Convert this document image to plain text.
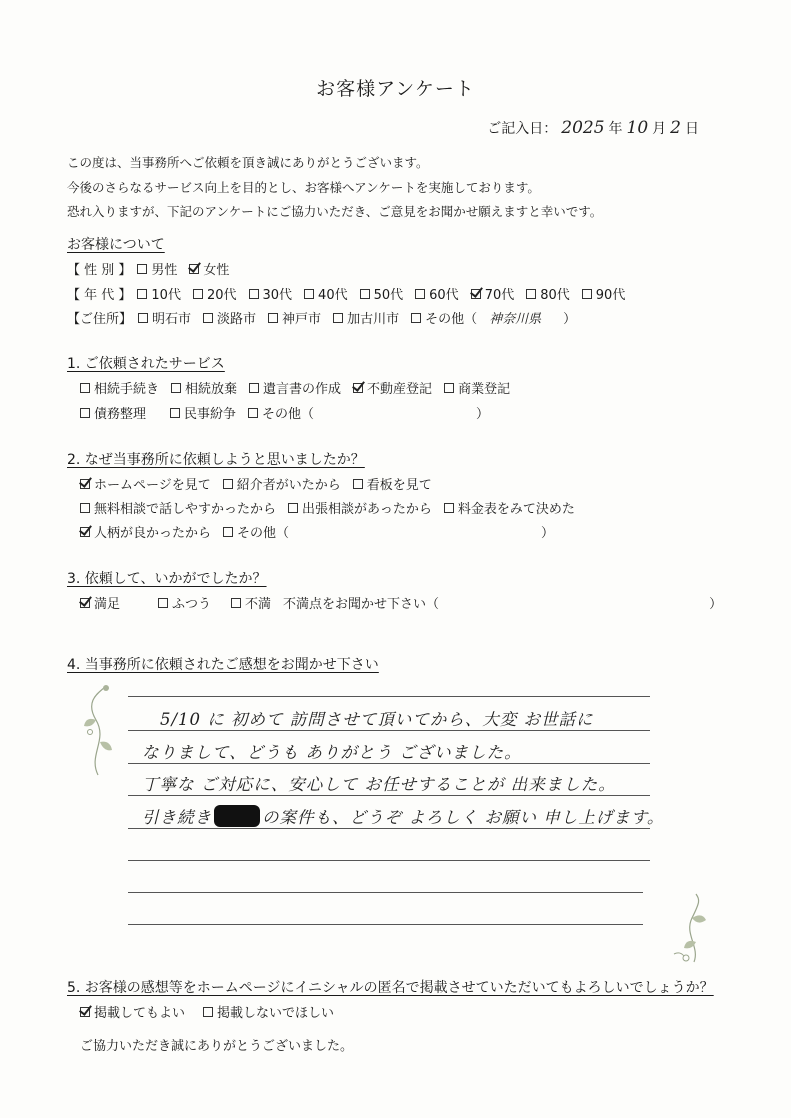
お客様アンケート
ご記入日： 2025 年 10 月 2 日
この度は、当事務所へご依頼を頂き誠にありがとうございます。
今後のさらなるサービス向上を目的とし、お客様へアンケートを実施しております。
恐れ入りますが、下記のアンケートにご協力いただき、ご意見をお聞かせ願えますと幸いです。
お客様について
【 性 別 】 男性 女性
【 年 代 】 10代 20代 30代 40代 50代 60代 70代 80代 90代
【ご住所】 明石市 淡路市 神戸市 加古川市 その他（ 神奈川県 ）
1. ご依頼されたサービス
相続手続き 相続放棄 遺言書の作成 不動産登記 商業登記
債務整理	民事紛争 その他（	）
2. なぜ当事務所に依頼しようと思いましたか？
ホームページを見て 紹介者がいたから 看板を見て
無料相談で話しやすかったから 出張相談があったから 料金表をみて決めた
人柄が良かったから その他（	）
3. 依頼して、いかがでしたか？
満足	ふつう	不満 不満点をお聞かせ下さい（	）
4. 当事務所に依頼されたご感想をお聞かせ下さい
5/10 に 初めて 訪問させて頂いてから、大変 お世話に
なりまして、どうも ありがとう ございました。
丁寧な ご対応に、安心して お任せすることが 出来ました。
引き続き	の案件も、どうぞ よろしく お願い 申し上げます。
5. お客様の感想等をホームページにイニシャルの匿名で掲載させていただいてもよろしいでしょうか？
掲載してもよい 掲載しないでほしい
ご協力いただき誠にありがとうございました。
